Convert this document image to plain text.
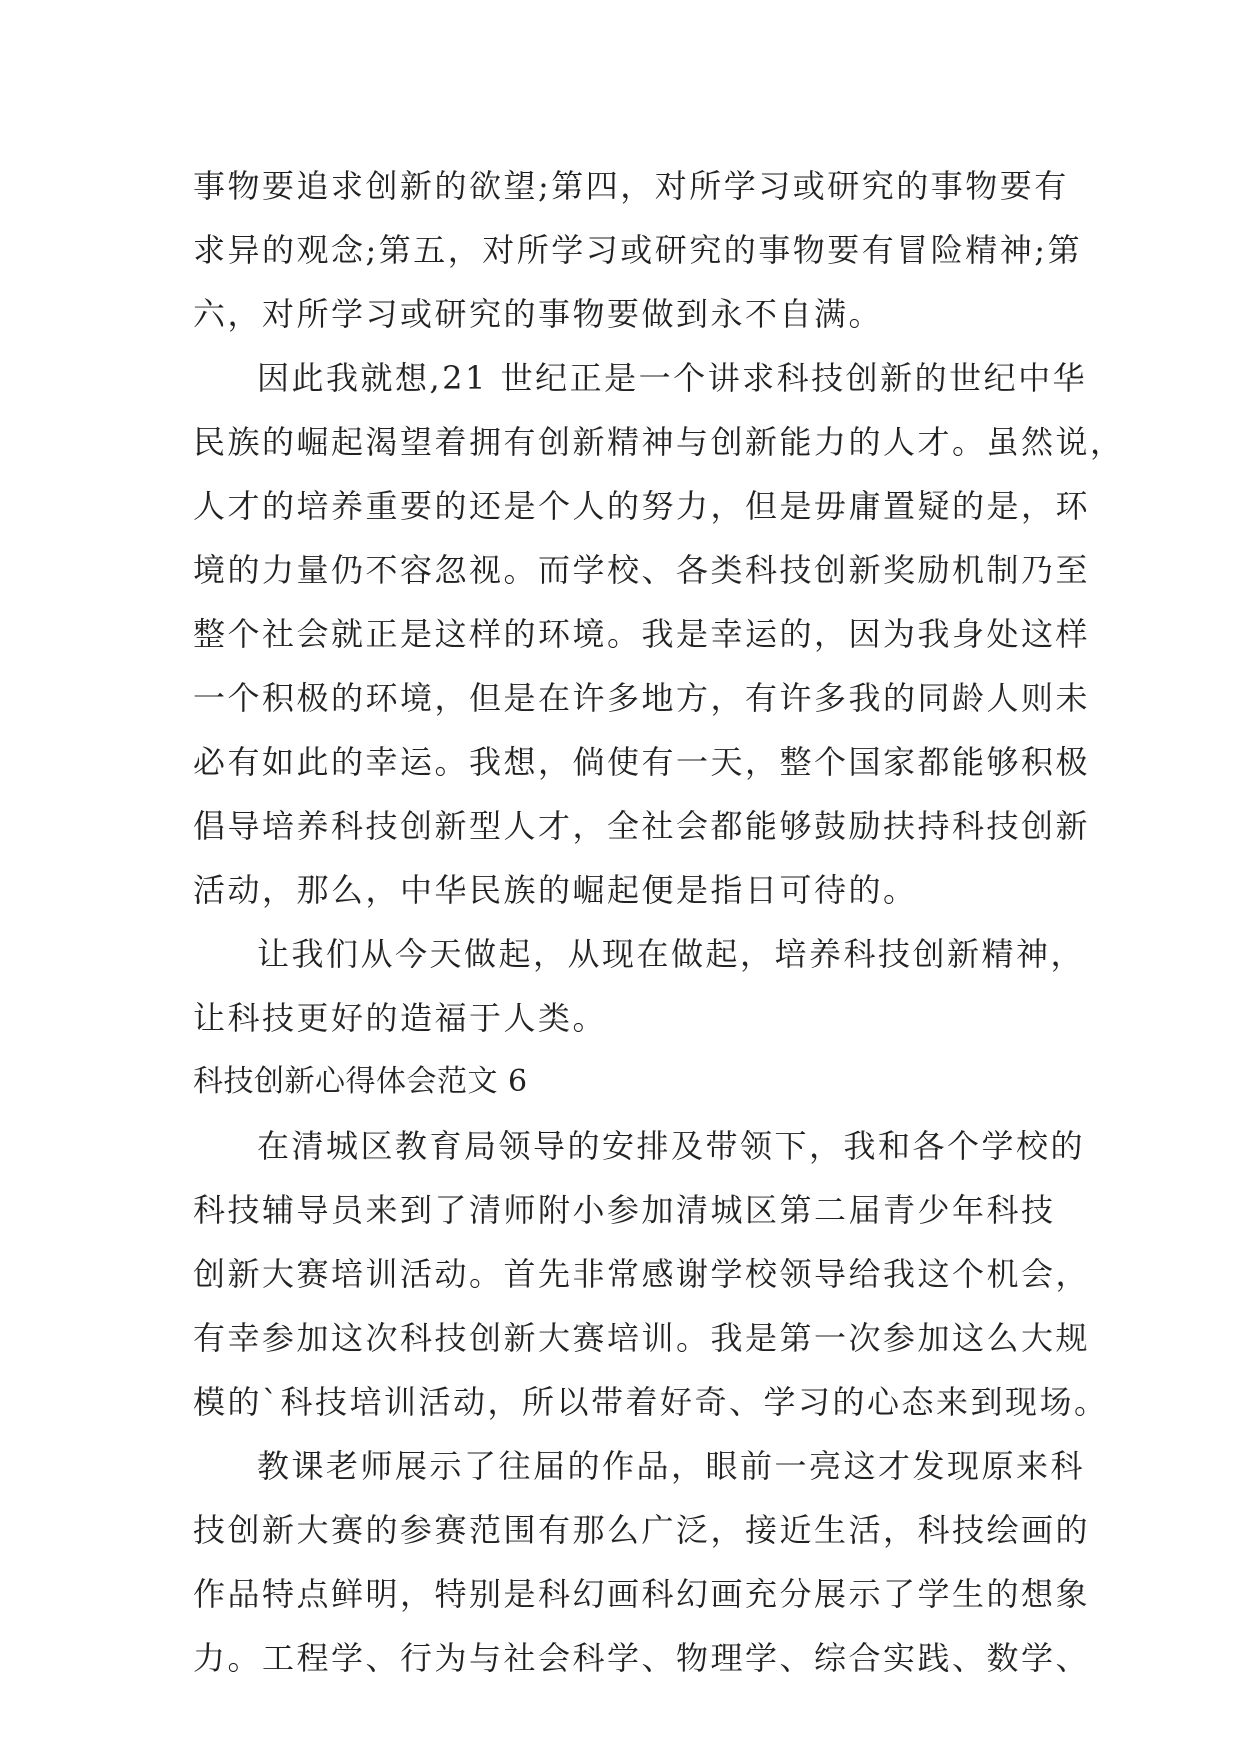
事物要追求创新的欲望;第四，对所学习或研究的事物要有
求异的观念;第五，对所学习或研究的事物要有冒险精神;第
六，对所学习或研究的事物要做到永不自满。
因此我就想,21 世纪正是一个讲求科技创新的世纪中华
民族的崛起渴望着拥有创新精神与创新能力的人才。虽然说，
人才的培养重要的还是个人的努力，但是毋庸置疑的是，环
境的力量仍不容忽视。而学校、各类科技创新奖励机制乃至
整个社会就正是这样的环境。我是幸运的，因为我身处这样
一个积极的环境，但是在许多地方，有许多我的同龄人则未
必有如此的幸运。我想，倘使有一天，整个国家都能够积极
倡导培养科技创新型人才，全社会都能够鼓励扶持科技创新
活动，那么，中华民族的崛起便是指日可待的。
让我们从今天做起，从现在做起，培养科技创新精神，
让科技更好的造福于人类。
科技创新心得体会范文 6
在清城区教育局领导的安排及带领下，我和各个学校的
科技辅导员来到了清师附小参加清城区第二届青少年科技
创新大赛培训活动。首先非常感谢学校领导给我这个机会，
有幸参加这次科技创新大赛培训。我是第一次参加这么大规
模的`科技培训活动，所以带着好奇、学习的心态来到现场。
教课老师展示了往届的作品，眼前一亮这才发现原来科
技创新大赛的参赛范围有那么广泛，接近生活，科技绘画的
作品特点鲜明，特别是科幻画科幻画充分展示了学生的想象
力。工程学、行为与社会科学、物理学、综合实践、数学、
